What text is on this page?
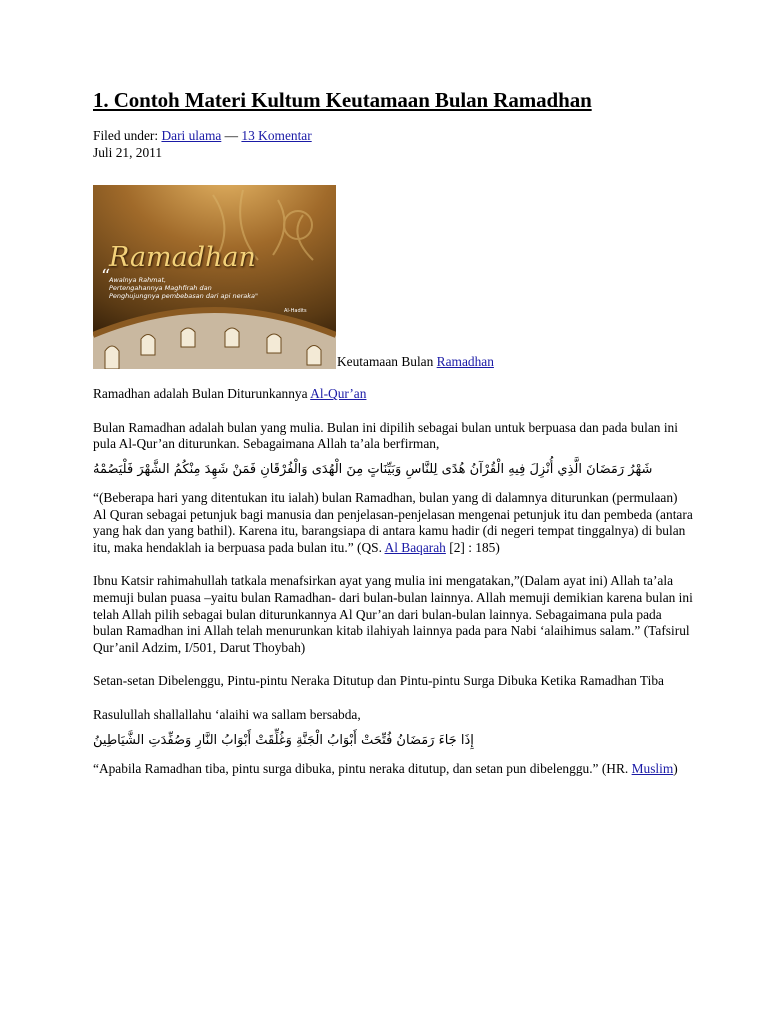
1. Contoh Materi Kultum Keutamaan Bulan Ramadhan
Filed under: Dari ulama — 13 Komentar
Juli 21, 2011
Ramadhan
“
Awalnya Rahmat,
Pertengahannya Maghfirah dan
Penghujungnya pembebasan dari api neraka"
Al-Hadits
Keutamaan Bulan Ramadhan

Ramadhan adalah Bulan Diturunkannya Al-Qur’an

Bulan Ramadhan adalah bulan yang mulia. Bulan ini dipilih sebagai bulan untuk berpuasa dan pada bulan ini pula Al-Qur’an diturunkan. Sebagaimana Allah ta’ala berfirman,

شَهْرُ رَمَضَانَ الَّذِي أُنْزِلَ فِيهِ الْقُرْآنُ هُدًى لِلنَّاسِ وَبَيِّنَاتٍ مِنَ الْهُدَى وَالْفُرْقَانِ فَمَنْ شَهِدَ مِنْكُمُ الشَّهْرَ فَلْيَصُمْهُ

“(Beberapa hari yang ditentukan itu ialah) bulan Ramadhan, bulan yang di dalamnya diturunkan (permulaan) Al Quran sebagai petunjuk bagi manusia dan penjelasan-penjelasan mengenai petunjuk itu dan pembeda (antara yang hak dan yang bathil). Karena itu, barangsiapa di antara kamu hadir (di negeri tempat tinggalnya) di bulan itu, maka hendaklah ia berpuasa pada bulan itu.” (QS. Al Baqarah [2] : 185)

Ibnu Katsir rahimahullah tatkala menafsirkan ayat yang mulia ini mengatakan,”(Dalam ayat ini) Allah ta’ala memuji bulan puasa –yaitu bulan Ramadhan- dari bulan-bulan lainnya. Allah memuji demikian karena bulan ini telah Allah pilih sebagai bulan diturunkannya Al Qur’an dari bulan-bulan lainnya. Sebagaimana pula pada bulan Ramadhan ini Allah telah menurunkan kitab ilahiyah lainnya pada para Nabi ‘alaihimus salam.” (Tafsirul Qur’anil Adzim, I/501, Darut Thoybah)

Setan-setan Dibelenggu, Pintu-pintu Neraka Ditutup dan Pintu-pintu Surga Dibuka Ketika Ramadhan Tiba

Rasulullah shallallahu ‘alaihi wa sallam bersabda,

إِذَا جَاءَ رَمَضَانُ فُتِّحَتْ أَبْوَابُ الْجَنَّةِ وَغُلِّقَتْ أَبْوَابُ النَّارِ وَصُفِّدَتِ الشَّيَاطِينُ

“Apabila Ramadhan tiba, pintu surga dibuka, pintu neraka ditutup, dan setan pun dibelenggu.” (HR. Muslim)
